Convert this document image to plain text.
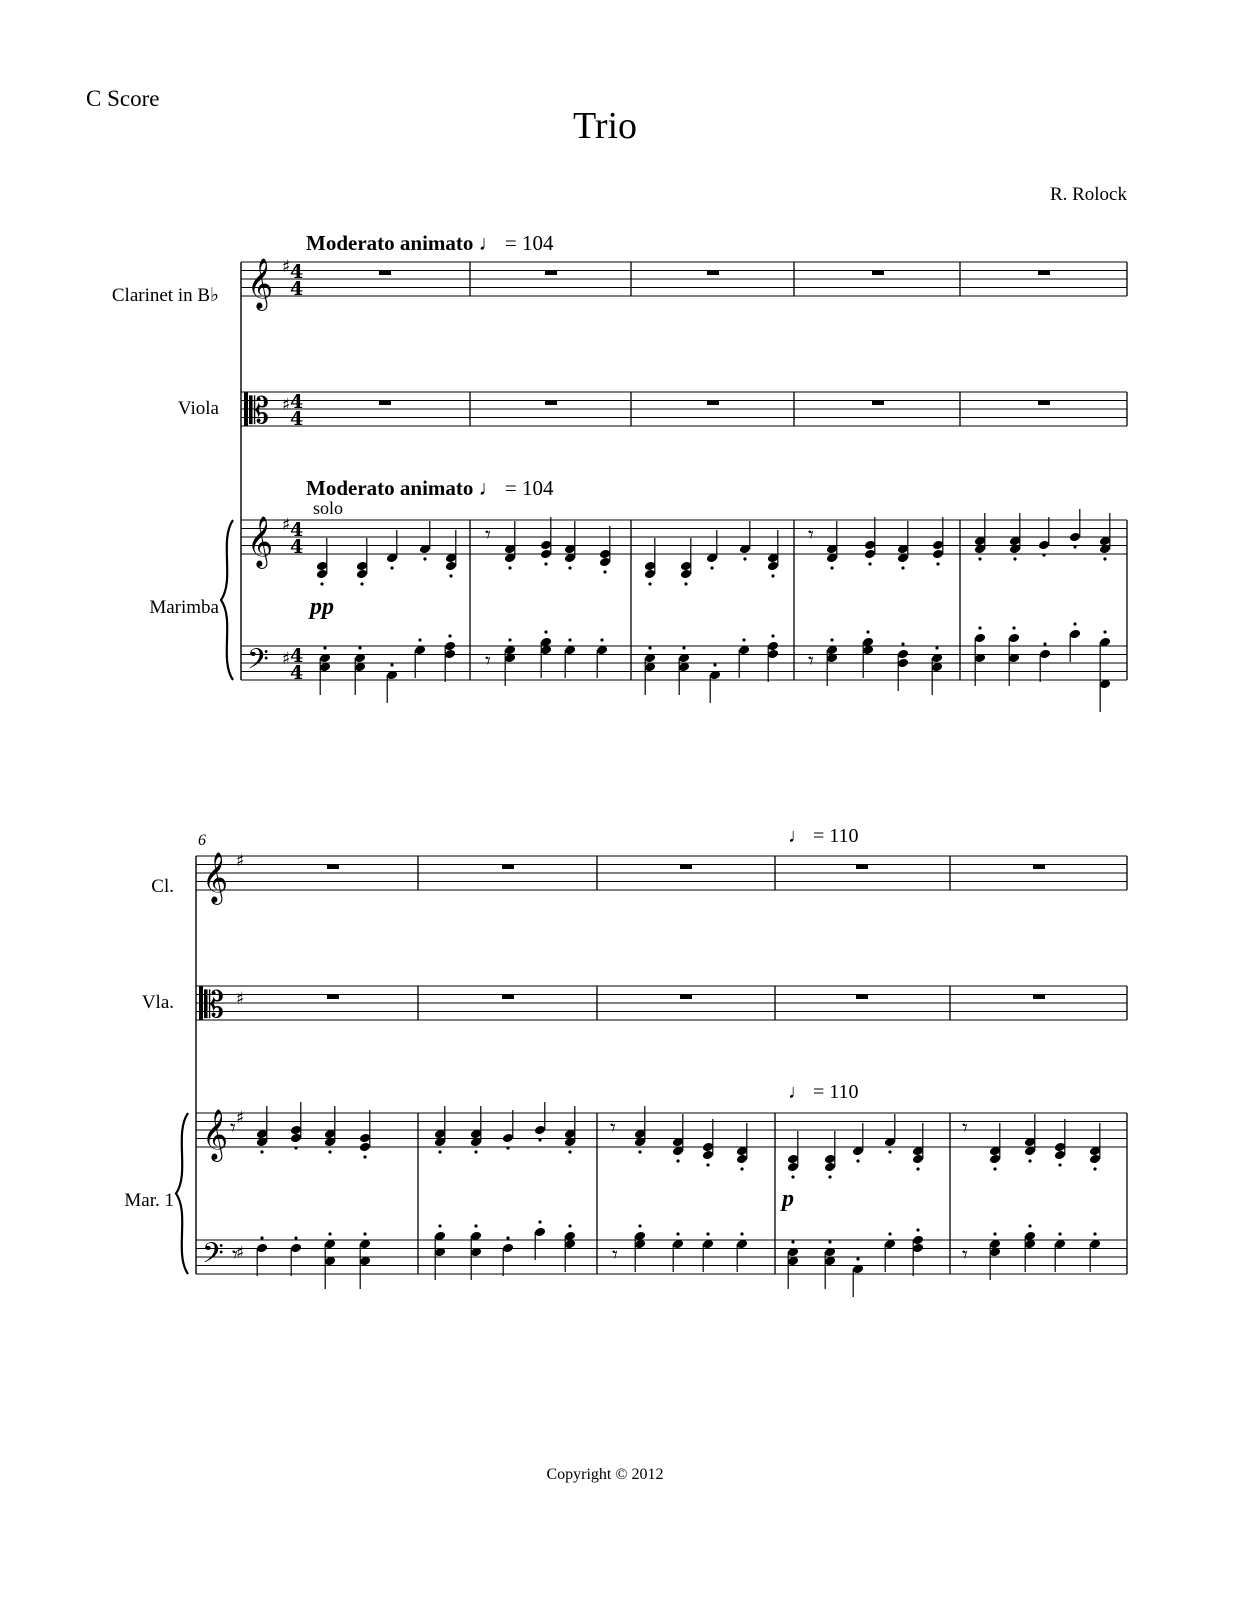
C Score
Trio
R. Rolock
Moderato animato ♩ = 104
Clarinet in B♭
Viola
Moderato animato ♩ = 104
solo
Marimba	pp
6	♩ = 110
Cl.
Vla.
♩ = 110
Mar. 1	p
Copyright © 2012
𝄞 ♯ 4
4
𝄡 ♯ 4
4
𝄞 ♯ 4
4
𝄢 ♯ 4
4
𝄾	𝄾
𝄾	𝄾
𝄞 ♯
𝄡 ♯
𝄞 ♯
𝄢 ♯
𝄾	𝄾	𝄾
𝄾	𝄾	𝄾
